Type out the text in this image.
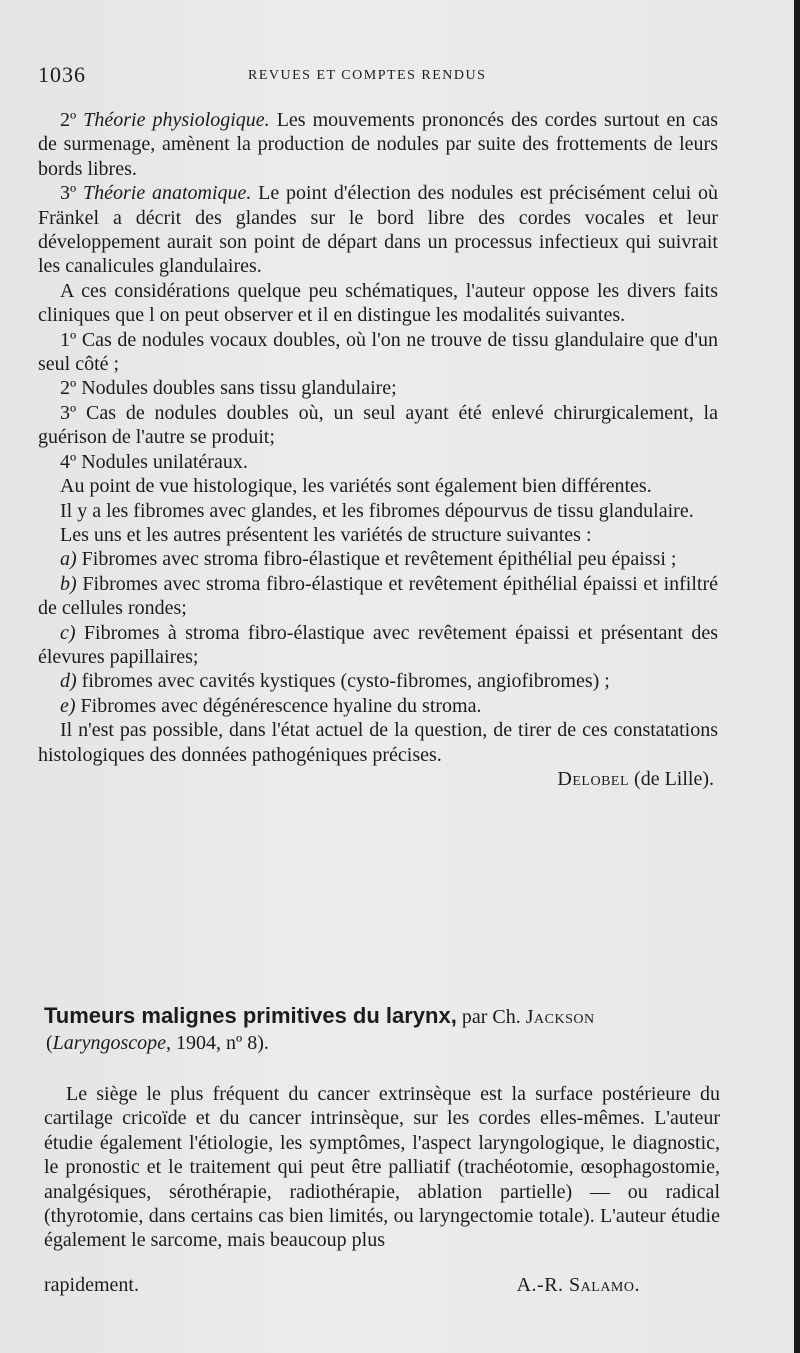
1036	REVUES ET COMPTES RENDUS

2º Théorie physiologique. Les mouvements prononcés des cordes surtout en cas de surmenage, amènent la production de nodules par suite des frottements de leurs bords libres.

3º Théorie anatomique. Le point d'élection des nodules est précisément celui où Fränkel a décrit des glandes sur le bord libre des cordes vocales et leur développement aurait son point de départ dans un processus infectieux qui suivrait les canalicules glandulaires.

A ces considérations quelque peu schématiques, l'auteur oppose les divers faits cliniques que l on peut observer et il en distingue les modalités suivantes.

1º Cas de nodules vocaux doubles, où l'on ne trouve de tissu glandulaire que d'un seul côté ;

2º Nodules doubles sans tissu glandulaire;

3º Cas de nodules doubles où, un seul ayant été enlevé chirurgicalement, la guérison de l'autre se produit;

4º Nodules unilatéraux.

Au point de vue histologique, les variétés sont également bien différentes.

Il y a les fibromes avec glandes, et les fibromes dépourvus de tissu glandulaire.

Les uns et les autres présentent les variétés de structure suivantes :

a) Fibromes avec stroma fibro-élastique et revêtement épithélial peu épaissi ;

b) Fibromes avec stroma fibro-élastique et revêtement épithélial épaissi et infiltré de cellules rondes;

c) Fibromes à stroma fibro-élastique avec revêtement épaissi et présentant des élevures papillaires;

d) fibromes avec cavités kystiques (cysto-fibromes, angiofibromes) ;

e) Fibromes avec dégénérescence hyaline du stroma.

Il n'est pas possible, dans l'état actuel de la question, de tirer de ces constatations histologiques des données pathogéniques précises.

Delobel (de Lille).

Tumeurs malignes primitives du larynx, par Ch. Jackson
(Laryngoscope, 1904, nº 8).

Le siège le plus fréquent du cancer extrinsèque est la surface postérieure du cartilage cricoïde et du cancer intrinsèque, sur les cordes elles-mêmes. L'auteur étudie également l'étiologie, les symptômes, l'aspect laryngologique, le diagnostic, le pronostic et le traitement qui peut être palliatif (trachéotomie, œsophagostomie, analgésiques, sérothérapie, radiothérapie, ablation partielle) — ou radical (thyrotomie, dans certains cas bien limités, ou laryngectomie totale). L'auteur étudie également le sarcome, mais beaucoup plus

rapidement.	A.-R. Salamo.
